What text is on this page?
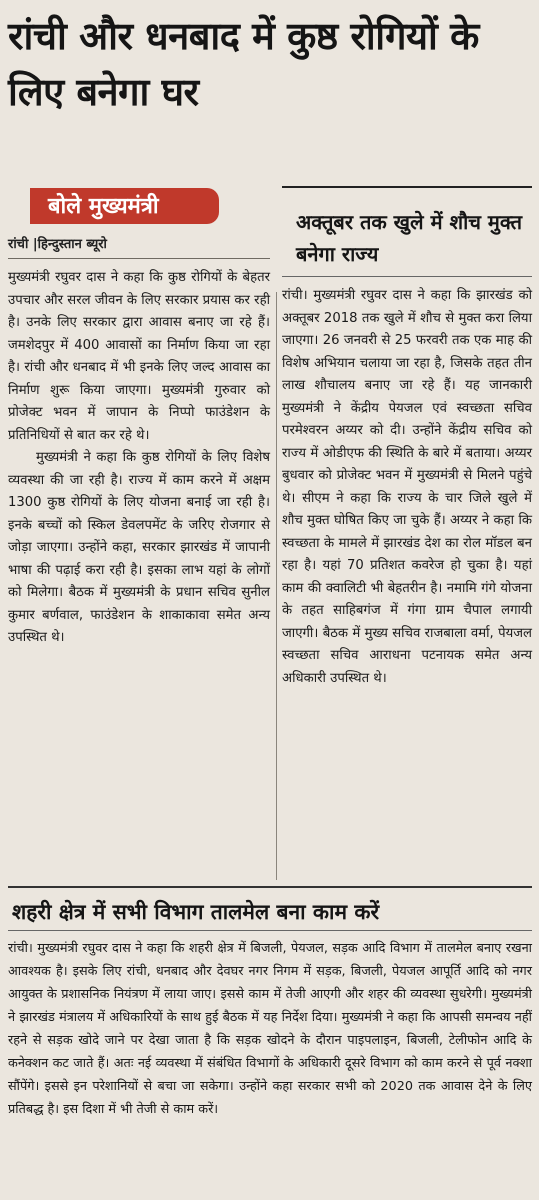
रांची और धनबाद में कुष्ठ रोगियों के लिए बनेगा घर
बोले मुख्यमंत्री
रांची |हिन्दुस्तान ब्यूरो

मुख्यमंत्री रघुवर दास ने कहा कि कुष्ठ रोगियों के बेहतर उपचार और सरल जीवन के लिए सरकार प्रयास कर रही है। उनके लिए सरकार द्वारा आवास बनाए जा रहे हैं। जमशेदपुर में 400 आवासों का निर्माण किया जा रहा है। रांची और धनबाद में भी इनके लिए जल्द आवास का निर्माण शुरू किया जाएगा। मुख्यमंत्री गुरुवार को प्रोजेक्ट भवन में जापान के निप्पो फाउंडेशन के प्रतिनिधियों से बात कर रहे थे।

मुख्यमंत्री ने कहा कि कुष्ठ रोगियों के लिए विशेष व्यवस्था की जा रही है। राज्य में काम करने में अक्षम 1300 कुष्ठ रोगियों के लिए योजना बनाई जा रही है। इनके बच्चों को स्किल डेवलपमेंट के जरिए रोजगार से जोड़ा जाएगा। उन्होंने कहा, सरकार झारखंड में जापानी भाषा की पढ़ाई करा रही है। इसका लाभ यहां के लोगों को मिलेगा। बैठक में मुख्यमंत्री के प्रधान सचिव सुनील कुमार बर्णवाल, फाउंडेशन के शाकाकावा समेत अन्य उपस्थित थे।

अक्तूबर तक खुले में शौच मुक्त बनेगा राज्य

रांची। मुख्यमंत्री रघुवर दास ने कहा कि झारखंड को अक्तूबर 2018 तक खुले में शौच से मुक्त करा लिया जाएगा। 26 जनवरी से 25 फरवरी तक एक माह की विशेष अभियान चलाया जा रहा है, जिसके तहत तीन लाख शौचालय बनाए जा रहे हैं। यह जानकारी मुख्यमंत्री ने केंद्रीय पेयजल एवं स्वच्छता सचिव परमेश्वरन अय्यर को दी। उन्होंने केंद्रीय सचिव को राज्य में ओडीएफ की स्थिति के बारे में बताया। अय्यर बुधवार को प्रोजेक्ट भवन में मुख्यमंत्री से मिलने पहुंचे थे। सीएम ने कहा कि राज्य के चार जिले खुले में शौच मुक्त घोषित किए जा चुके हैं। अय्यर ने कहा कि स्वच्छता के मामले में झारखंड देश का रोल मॉडल बन रहा है। यहां 70 प्रतिशत कवरेज हो चुका है। यहां काम की क्वालिटी भी बेहतरीन है। नमामि गंगे योजना के तहत साहिबगंज में गंगा ग्राम चैपाल लगायी जाएगी। बैठक में मुख्य सचिव राजबाला वर्मा, पेयजल स्वच्छता सचिव आराधना पटनायक समेत अन्य अधिकारी उपस्थित थे।

शहरी क्षेत्र में सभी विभाग तालमेल बना काम करें

रांची। मुख्यमंत्री रघुवर दास ने कहा कि शहरी क्षेत्र में बिजली, पेयजल, सड़क आदि विभाग में तालमेल बनाए रखना आवश्यक है। इसके लिए रांची, धनबाद और देवघर नगर निगम में सड़क, बिजली, पेयजल आपूर्ति आदि को नगर आयुक्त के प्रशासनिक नियंत्रण में लाया जाए। इससे काम में तेजी आएगी और शहर की व्यवस्था सुधरेगी। मुख्यमंत्री ने झारखंड मंत्रालय में अधिकारियों के साथ हुई बैठक में यह निर्देश दिया। मुख्यमंत्री ने कहा कि आपसी समन्वय नहीं रहने से सड़क खोदे जाने पर देखा जाता है कि सड़क खोदने के दौरान पाइपलाइन, बिजली, टेलीफोन आदि के कनेक्शन कट जाते हैं। अतः नई व्यवस्था में संबंधित विभागों के अधिकारी दूसरे विभाग को काम करने से पूर्व नक्शा सौंपेंगे। इससे इन परेशानियों से बचा जा सकेगा। उन्होंने कहा सरकार सभी को 2020 तक आवास देने के लिए प्रतिबद्ध है। इस दिशा में भी तेजी से काम करें।
